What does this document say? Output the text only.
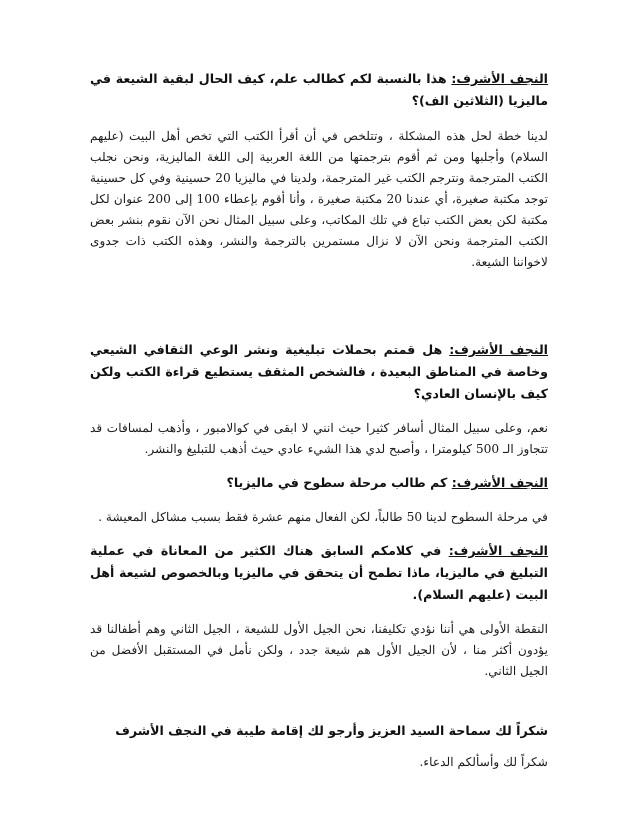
النجف الأشرف: هذا بالنسبة لكم كطالب علم، كيف الحال لبقية الشيعة في ماليزيا (الثلاثين الف)؟

لدينا خطة لحل هذه المشكلة ، وتتلخص في أن أقرأ الكتب التي تخص أهل البيت (عليهم السلام) وأجلبها ومن ثم أقوم بترجمتها من اللغة العربية إلى اللغة الماليزية، ونحن نجلب الكتب المترجمة ونترجم الكتب غير المترجمة، ولدينا في ماليزيا 20 حسينية وفي كل حسينية توجد مكتبة صغيرة، أي عندنا 20 مكتبة صغيرة ، وأنا أقوم بإعطاء 100 إلى 200 عنوان لكل مكتبة لكن بعض الكتب تباع في تلك المكاتب، وعلى سبيل المثال نحن الآن نقوم بنشر بعض الكتب المترجمة ونحن الآن لا نزال مستمرين بالترجمة والنشر، وهذه الكتب ذات جدوى لاخواننا الشيعة.

النجف الأشرف: هل قمتم بحملات تبليغية ونشر الوعي الثقافي الشيعي وخاصة في المناطق البعيدة ، فالشخص المثقف يستطيع قراءة الكتب ولكن كيف بالإنسان العادي؟

نعم، وعلى سبيل المثال أسافر كثيرا حيث انني لا ابقى في كوالامبور ، وأذهب لمسافات قد تتجاوز الـ 500 كيلومترا ، وأصبح لدي هذا الشيء عادي حيث أذهب للتبليغ والنشر.

النجف الأشرف: كم طالب مرحلة سطوح في ماليزيا؟

في مرحلة السطوح لدينا 50 طالباً، لكن الفعال منهم عشرة فقط بسبب مشاكل المعيشة .

النجف الأشرف: في كلامكم السابق هناك الكثير من المعاناة في عملية التبليغ في ماليزيا، ماذا تطمح أن يتحقق في ماليزيا وبالخصوص لشيعة أهل البيت (عليهم السلام).

النقطة الأولى هي أننا نؤدي تكليفنا، نحن الجيل الأول للشيعة ، الجيل الثاني وهم أطفالنا قد يؤدون أكثر منا ، لأن الجيل الأول هم شيعة جدد ، ولكن نأمل في المستقبل الأفضل من الجيل الثاني.

شكراً لك سماحة السيد العزيز وأرجو لك إقامة طيبة في النجف الأشرف

شكراً لك وأسألكم الدعاء.
